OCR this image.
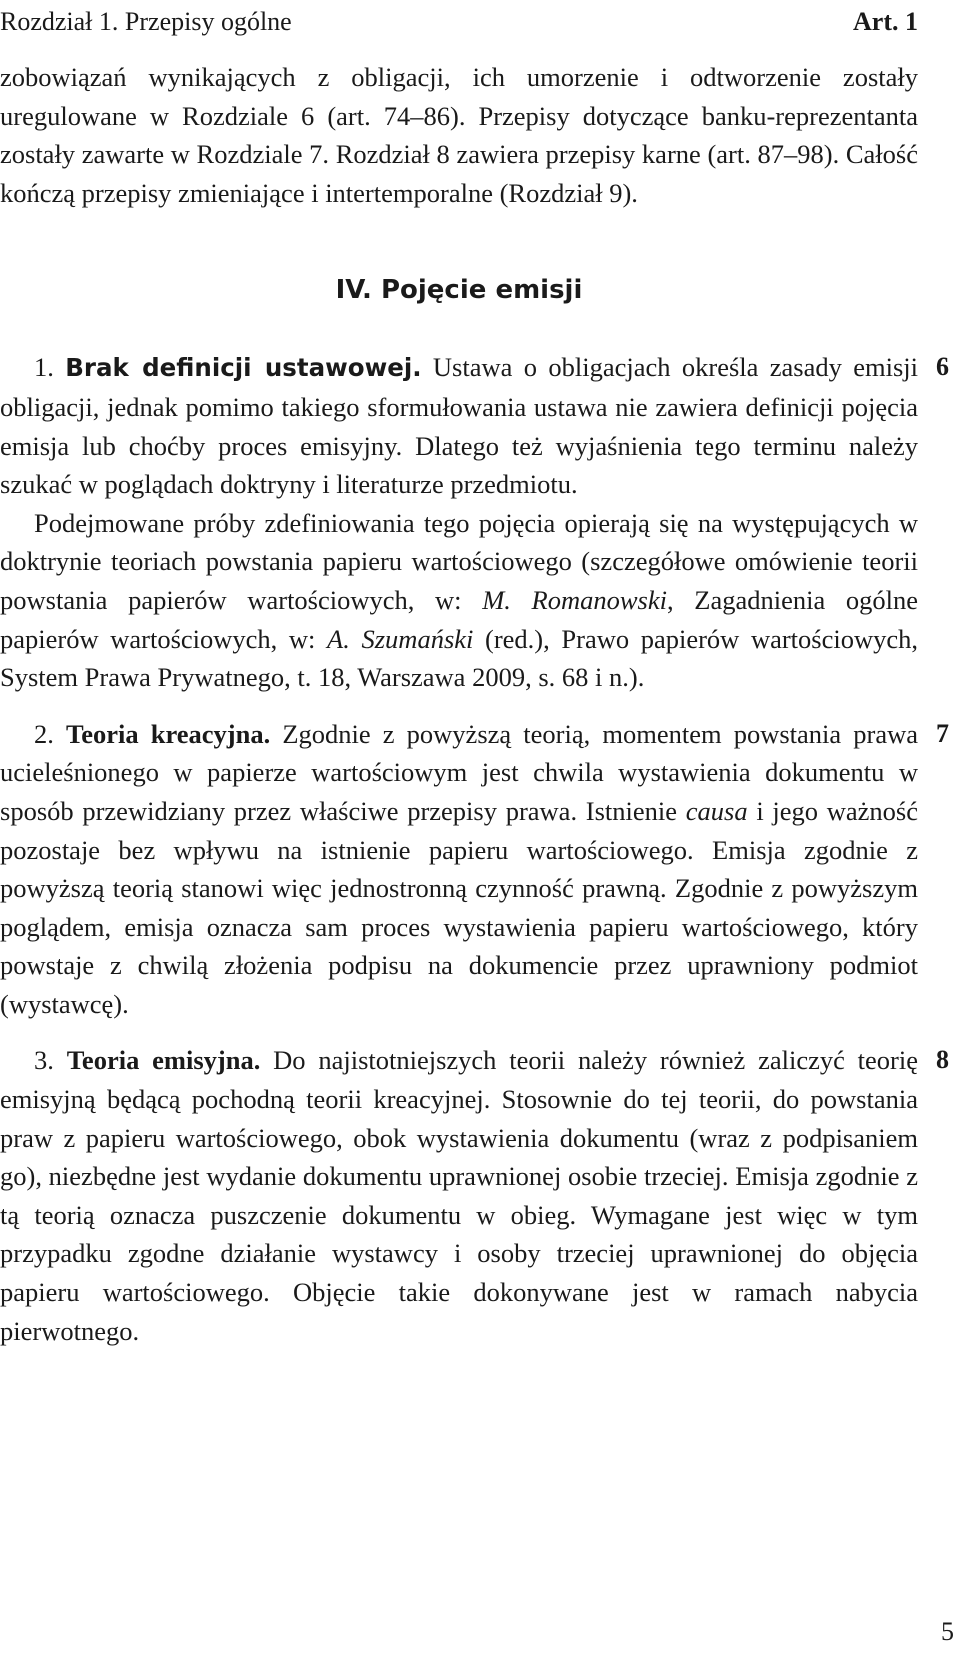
Rozdział 1. Przepisy ogólne	Art. 1

zobowiązań wynikających z obligacji, ich umorzenie i odtworzenie zostały uregulowane w Rozdziale 6 (art. 74–86). Przepisy dotyczące banku-reprezentanta zostały zawarte w Rozdziale 7. Rozdział 8 zawiera przepisy karne (art. 87–98). Całość kończą przepisy zmieniające i intertemporalne (Rozdział 9).

IV. Pojęcie emisji
6

1. Brak definicji ustawowej. Ustawa o obligacjach określa zasady emisji obligacji, jednak pomimo takiego sformułowania ustawa nie zawiera definicji pojęcia emisja lub choćby proces emisyjny. Dlatego też wyjaśnienia tego terminu należy szukać w poglądach doktryny i literaturze przedmiotu.

Podejmowane próby zdefiniowania tego pojęcia opierają się na występujących w doktrynie teoriach powstania papieru wartościowego (szczegółowe omówienie teorii powstania papierów wartościowych, w: M. Romanowski, Zagadnienia ogólne papierów wartościowych, w: A. Szumański (red.), Prawo papierów wartościowych, System Prawa Prywatnego, t. 18, Warszawa 2009, s. 68 i n.).

7

2. Teoria kreacyjna. Zgodnie z powyższą teorią, momentem powstania prawa ucieleśnionego w papierze wartościowym jest chwila wystawienia dokumentu w sposób przewidziany przez właściwe przepisy prawa. Istnienie causa i jego ważność pozostaje bez wpływu na istnienie papieru wartościowego. Emisja zgodnie z powyższą teorią stanowi więc jednostronną czynność prawną. Zgodnie z powyższym poglądem, emisja oznacza sam proces wystawienia papieru wartościowego, który powstaje z chwilą złożenia podpisu na dokumencie przez uprawniony podmiot (wystawcę).

8

3. Teoria emisyjna. Do najistotniejszych teorii należy również zaliczyć teorię emisyjną będącą pochodną teorii kreacyjnej. Stosownie do tej teorii, do powstania praw z papieru wartościowego, obok wystawienia dokumentu (wraz z podpisaniem go), niezbędne jest wydanie dokumentu uprawnionej osobie trzeciej. Emisja zgodnie z tą teorią oznacza puszczenie dokumentu w obieg. Wymagane jest więc w tym przypadku zgodne działanie wystawcy i osoby trzeciej uprawnionej do objęcia papieru wartościowego. Objęcie takie dokonywane jest w ramach nabycia pierwotnego.

5
